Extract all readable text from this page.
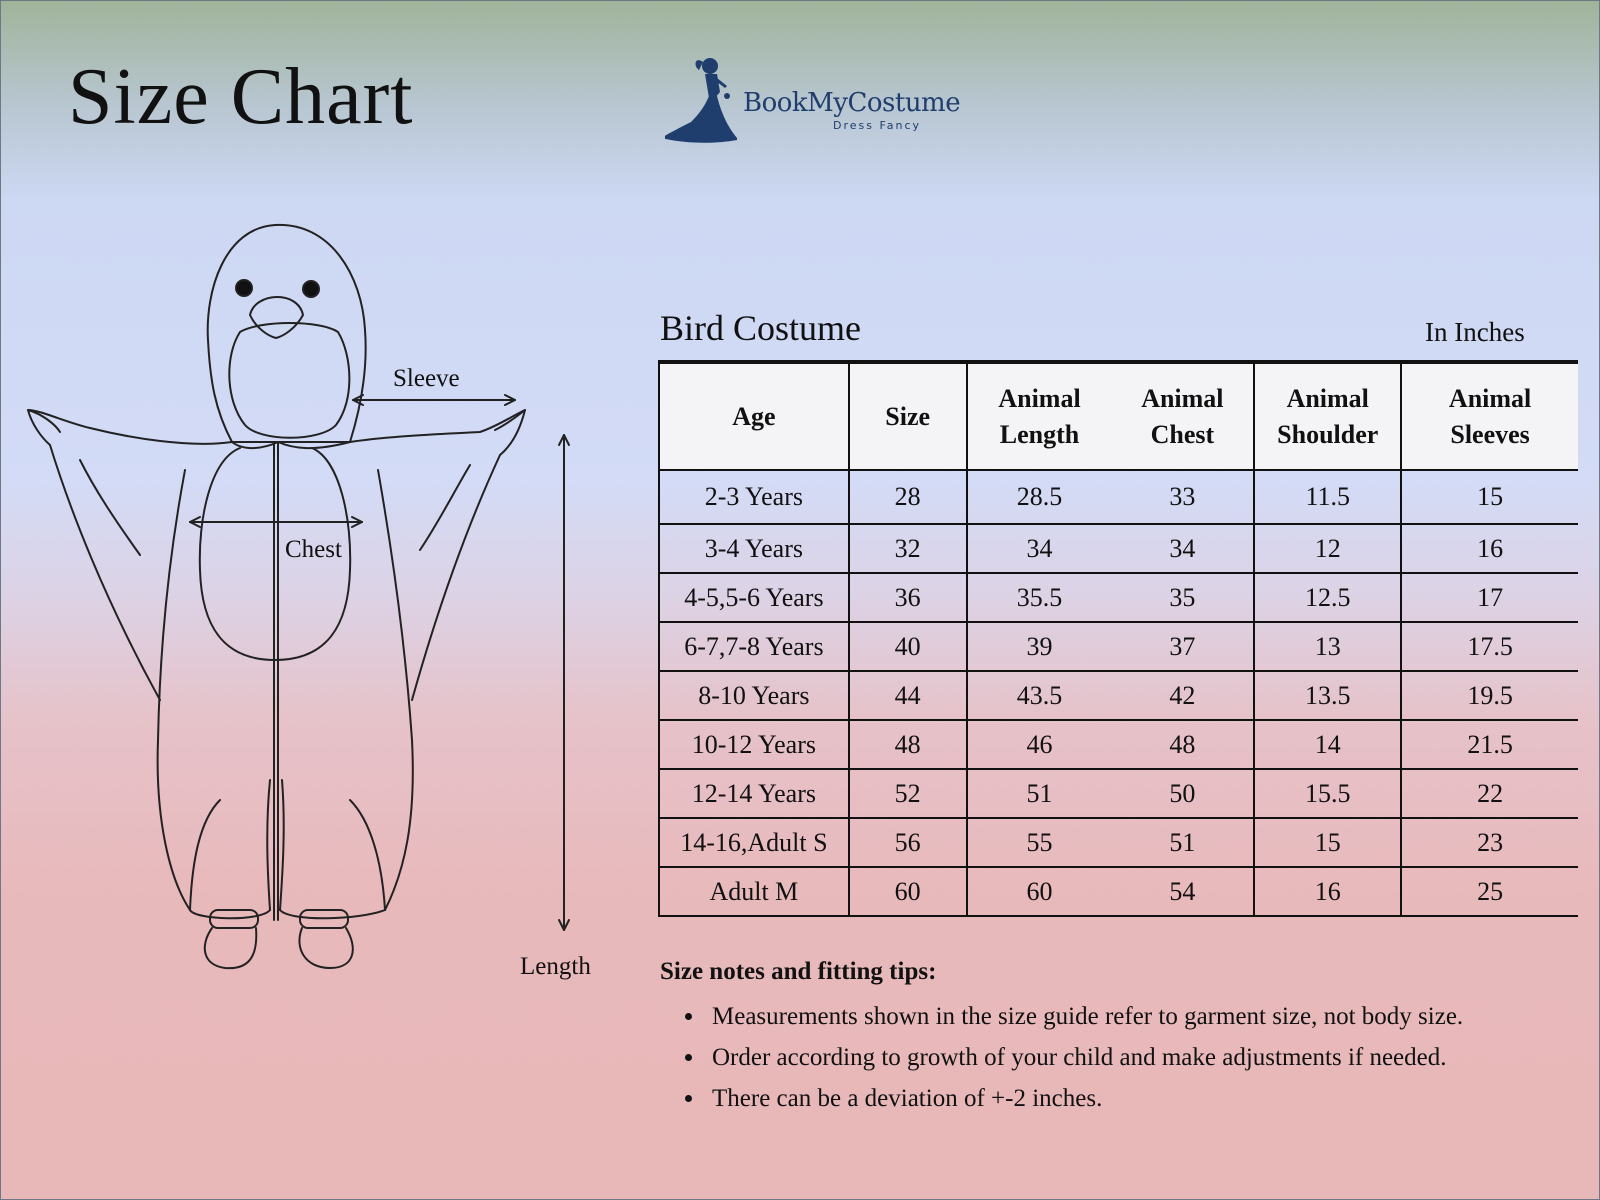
Size Chart	BookMyCostume
Dress Fancy
Sleeve
Chest
Length
Bird Costume	In Inches
Age	Size	Animal Length	Animal Chest	Animal Shoulder	Animal Sleeves
2-3 Years	28	28.5	33	11.5	15
3-4 Years	32	34	34	12	16
4-5,5-6 Years	36	35.5	35	12.5	17
6-7,7-8 Years	40	39	37	13	17.5
8-10 Years	44	43.5	42	13.5	19.5
10-12 Years	48	46	48	14	21.5
12-14 Years	52	51	50	15.5	22
14-16,Adult S	56	55	51	15	23
Adult M	60	60	54	16	25
Size notes and fitting tips:
• Measurements shown in the size guide refer to garment size, not body size.
• Order according to growth of your child and make adjustments if needed.
• There can be a deviation of +-2 inches.
